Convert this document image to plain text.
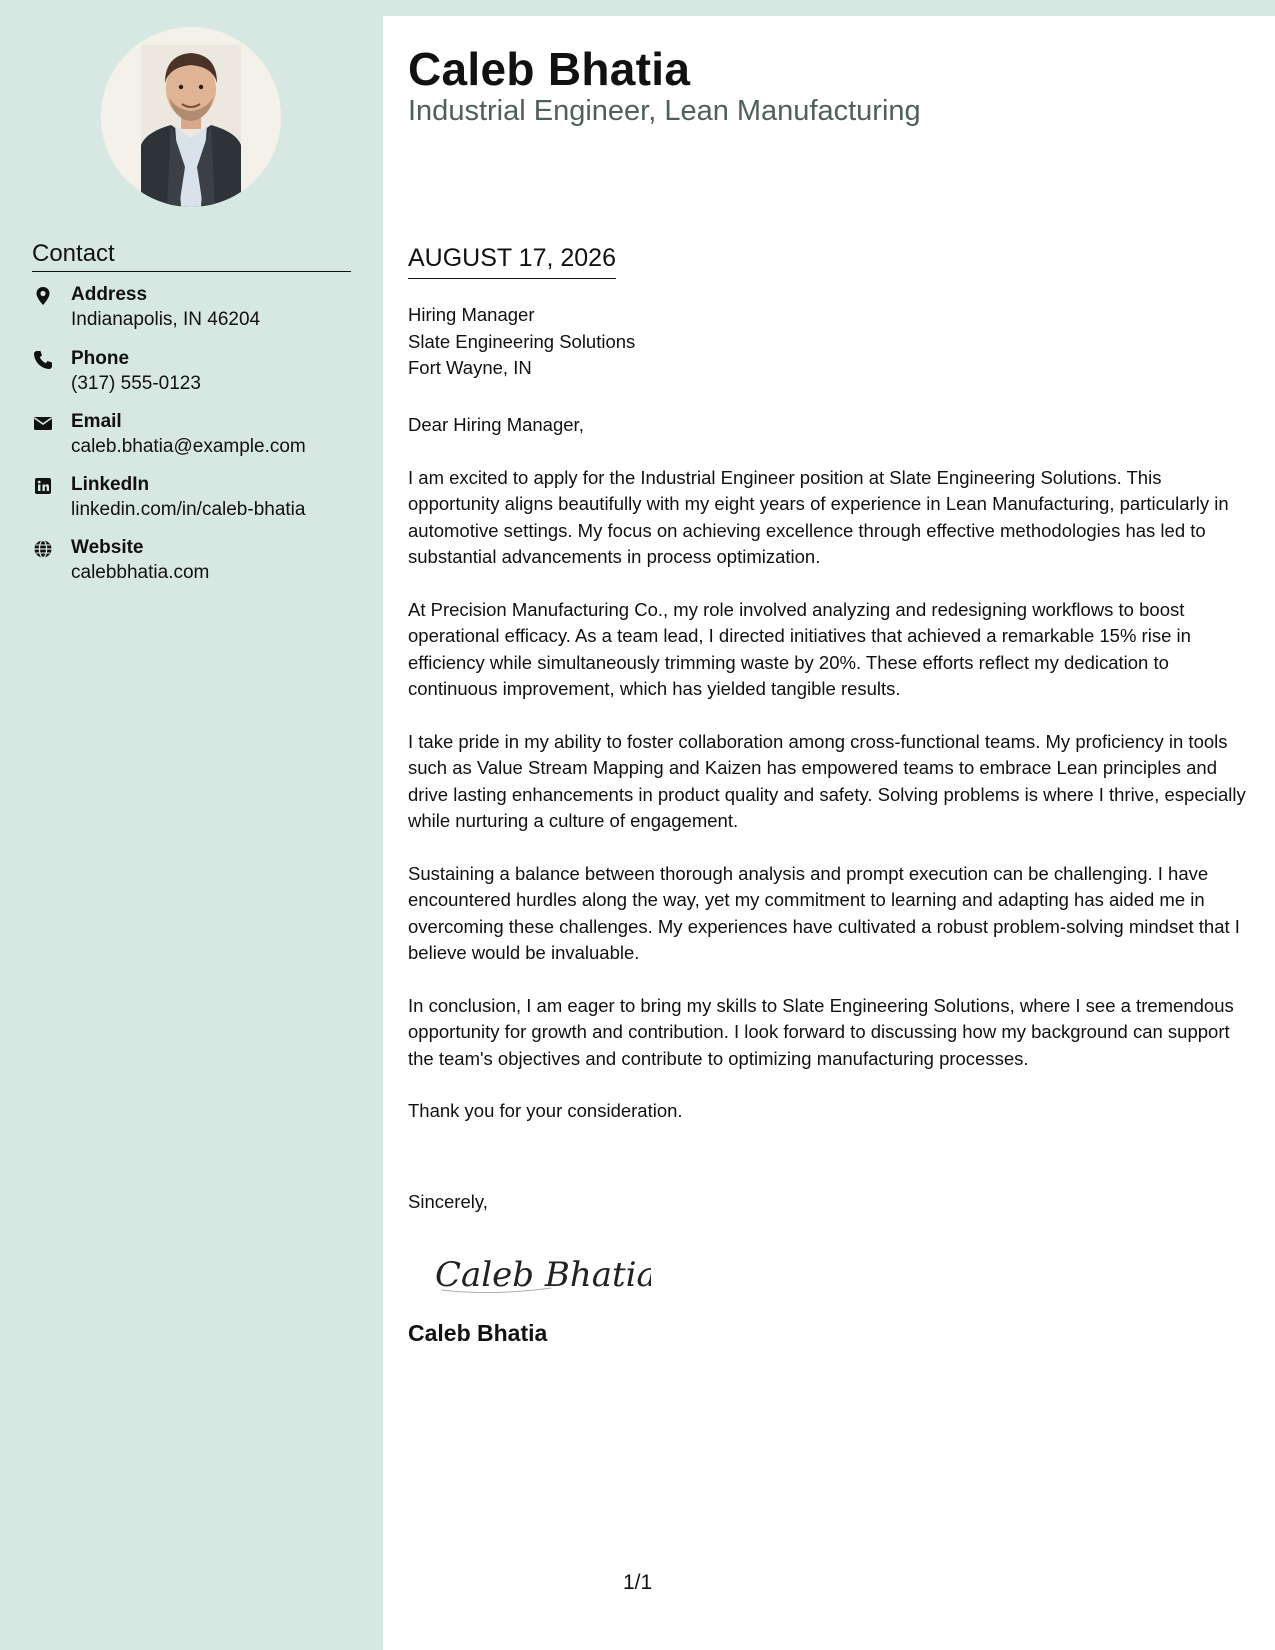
Contact
Address
Indianapolis, IN 46204
Phone
(317) 555-0123
Email
caleb.bhatia@example.com
LinkedIn
linkedin.com/in/caleb-bhatia
Website
calebbhatia.com
Caleb Bhatia
Industrial Engineer, Lean Manufacturing
AUGUST 17, 2026
Hiring Manager
Slate Engineering Solutions
Fort Wayne, IN

Dear Hiring Manager,

I am excited to apply for the Industrial Engineer position at Slate Engineering Solutions. This opportunity aligns beautifully with my eight years of experience in Lean Manufacturing, particularly in automotive settings. My focus on achieving excellence through effective methodologies has led to substantial advancements in process optimization.

At Precision Manufacturing Co., my role involved analyzing and redesigning workflows to boost operational efficacy. As a team lead, I directed initiatives that achieved a remarkable 15% rise in efficiency while simultaneously trimming waste by 20%. These efforts reflect my dedication to continuous improvement, which has yielded tangible results.

I take pride in my ability to foster collaboration among cross-functional teams. My proficiency in tools such as Value Stream Mapping and Kaizen has empowered teams to embrace Lean principles and drive lasting enhancements in product quality and safety. Solving problems is where I thrive, especially while nurturing a culture of engagement.

Sustaining a balance between thorough analysis and prompt execution can be challenging. I have encountered hurdles along the way, yet my commitment to learning and adapting has aided me in overcoming these challenges. My experiences have cultivated a robust problem-solving mindset that I believe would be invaluable.

In conclusion, I am eager to bring my skills to Slate Engineering Solutions, where I see a tremendous opportunity for growth and contribution. I look forward to discussing how my background can support the team's objectives and contribute to optimizing manufacturing processes.

Thank you for your consideration.

Sincerely,
Caleb Bhatia
Caleb Bhatia
1/1
